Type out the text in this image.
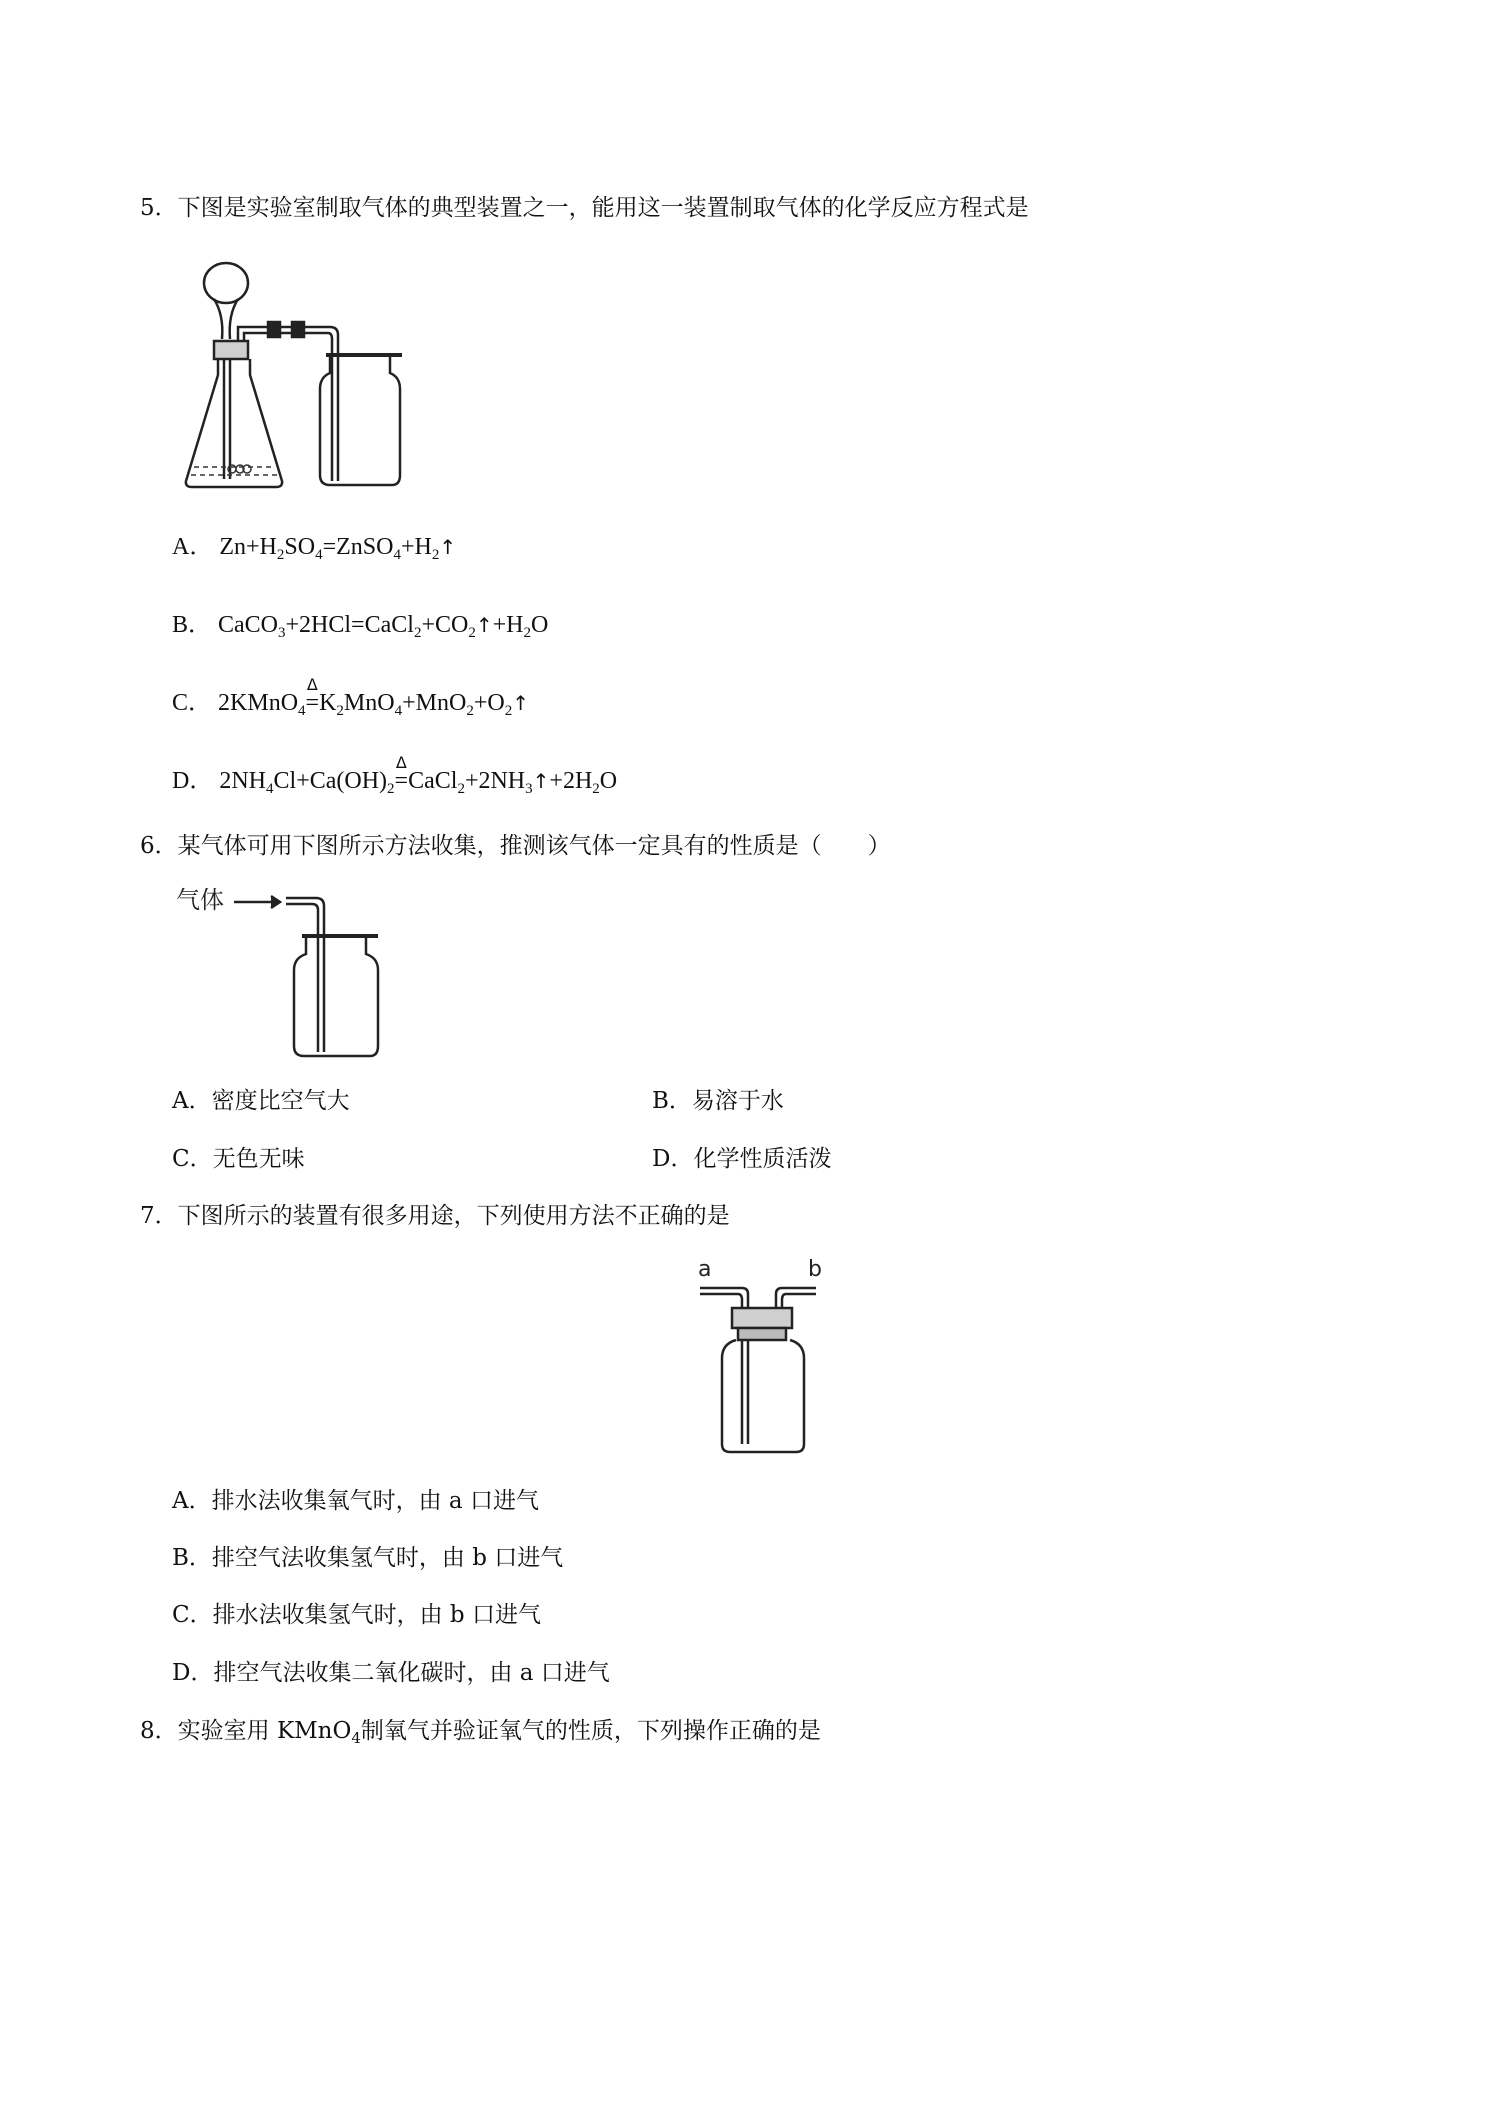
5．下图是实验室制取气体的典型装置之一，能用这一装置制取气体的化学反应方程式是
A． $Zn+H_2SO_4=ZnSO_4+H_2↑$
B． $CaCO_3+2HCl=CaCl_2+CO_2↑+H_2O$
C． 2KMnO$_4$
Δ
$=K_2MnO_4+MnO_2+O_2↑$
D． $2NH_4Cl+Ca(OH)_2$
Δ
$=CaCl_2+2NH_3↑+2H_2O$
6．某气体可用下图所示方法收集，推测该气体一定具有的性质是（　　）
气体
A．密度比空气大	B．易溶于水
C．无色无味	D．化学性质活泼
7．下图所示的装置有很多用途，下列使用方法不正确的是
a	b
A．排水法收集氧气时，由 a 口进气
B．排空气法收集氢气时，由 b 口进气
C．排水法收集氢气时，由 b 口进气
D．排空气法收集二氧化碳时，由 a 口进气
8．实验室用 KMnO$_4$制氧气并验证氧气的性质，下列操作正确的是
